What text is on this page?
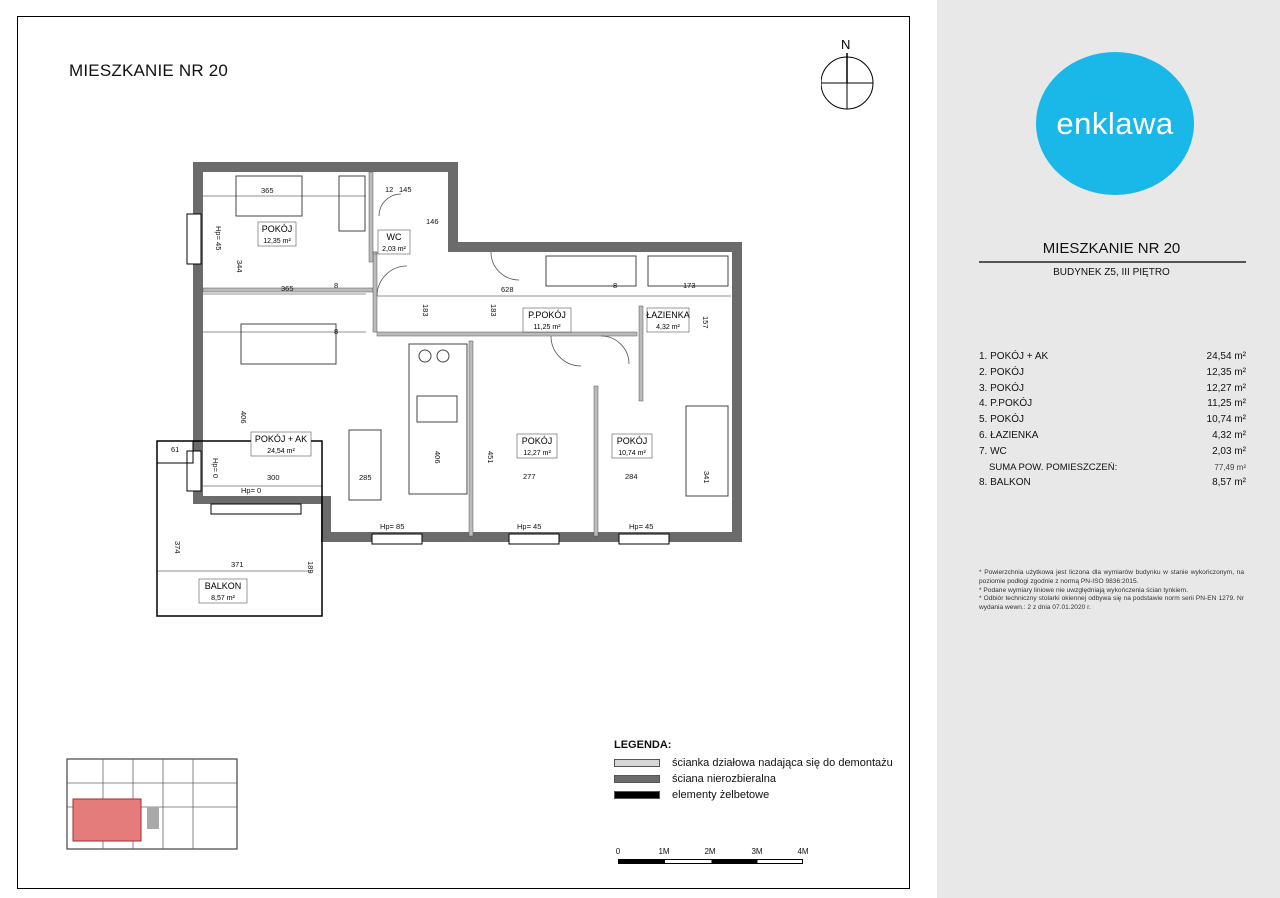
MIESZKANIE NR 20
N
POKÓJ
12,35 m²	WC
2,03 m²
P.POKÓJ
11,25 m²
ŁAZIENKA
4,32 m²
POKÓJ + AK
24,54 m²
POKÓJ
12,27 m²
POKÓJ
10,74 m²
BALKON
8,57 m²
365
365
145
12
146
344
628	173
183	183
8	8
406
300	285
406	451
277	284
374
371	189
8
157
341
61
Hp= 45
Hp= 0
Hp= 0
Hp= 85	Hp= 45	Hp= 45
LEGENDA:
ścianka działowa nadająca się do demontażu
ściana nierozbieralna
elementy żelbetowe
0	1M	2M	3M	4M
enklawa
MIESZKANIE NR 20
BUDYNEK Z5, III PIĘTRO
1. POKÓJ + AK	24,54 m²
2. POKÓJ	12,35 m²
3. POKÓJ	12,27 m²
4. P.POKÓJ	11,25 m²
5. POKÓJ	10,74 m²
6. ŁAZIENKA	4,32 m²
7. WC	2,03 m²
SUMA POW. POMIESZCZEŃ:	77,49 m²
8. BALKON	8,57 m²

* Powierzchnia użytkowa jest liczona dla wymiarów budynku w stanie wykończonym, na poziomie podłogi zgodnie z normą PN-ISO 9836:2015.

* Podane wymiary liniowe nie uwzględniają wykończenia ścian tynkiem.

* Odbiór techniczny stolarki okiennej odbywa się na podstawie norm serii PN-EN 1279. Nr wydania wewn.: 2 z dnia 07.01.2020 r.
